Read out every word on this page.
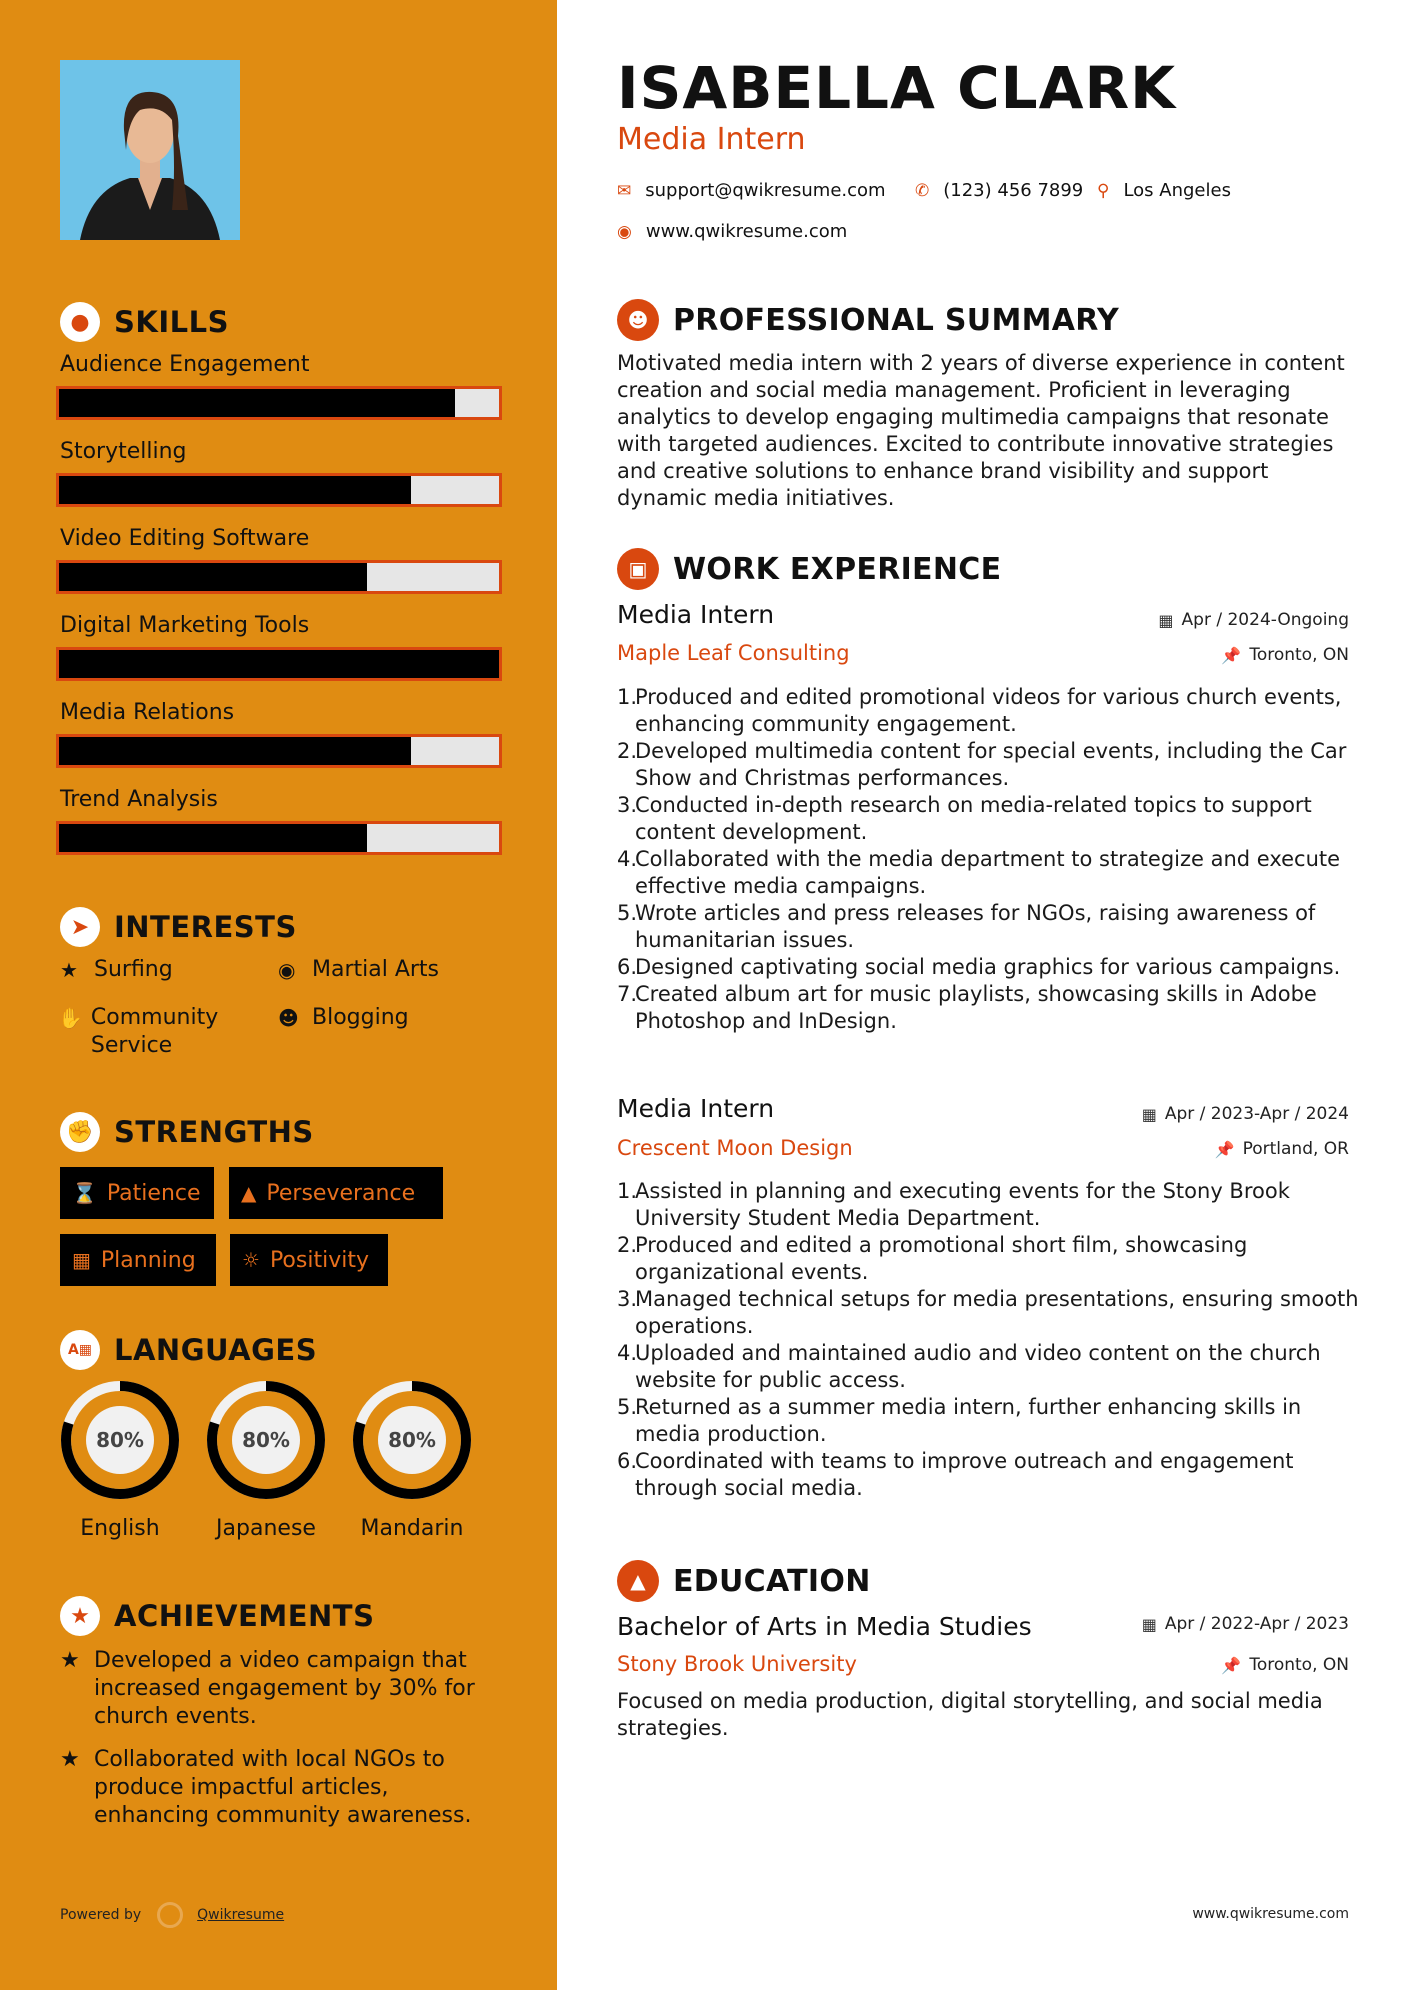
● SKILLS
Audience Engagement
Storytelling
Video Editing Software
Digital Marketing Tools
Media Relations
Trend Analysis
➤ INTERESTS
★ Surfing	◉ Martial Arts
✋ Community Service
☻ Blogging
✊ STRENGTHS
⌛ Patience ▲ Perseverance
▦ Planning ☼ Positivity
A▦ LANGUAGES
80%	80%	80%
English	Japanese	Mandarin
★ ACHIEVEMENTS
★ Developed a video campaign that increased engagement by 30% for church events.
★ Collaborated with local NGOs to produce impactful articles, enhancing community awareness.
Powered by	Qwikresume
ISABELLA CLARK
Media Intern
✉ support@qwikresume.com ✆ (123) 456 7899 ⚲ Los Angeles
◉ www.qwikresume.com
☻ PROFESSIONAL SUMMARY
Motivated media intern with 2 years of diverse experience in content creation and social media management. Proficient in leveraging analytics to develop engaging multimedia campaigns that resonate with targeted audiences. Excited to contribute innovative strategies and creative solutions to enhance brand visibility and support dynamic media initiatives.
▣ WORK EXPERIENCE
Media Intern	▦ Apr / 2024-Ongoing
Maple Leaf Consulting	📌 Toronto, ON
1.
Produced and edited promotional videos for various church events, enhancing community engagement.
2.
Developed multimedia content for special events, including the Car Show and Christmas performances.
3.
Conducted in-depth research on media-related topics to support content development.
4.
Collaborated with the media department to strategize and execute effective media campaigns.
5.
Wrote articles and press releases for NGOs, raising awareness of humanitarian issues.
6.
Designed captivating social media graphics for various campaigns.
7.
Created album art for music playlists, showcasing skills in Adobe Photoshop and InDesign.
Media Intern	▦ Apr / 2023-Apr / 2024
Crescent Moon Design	📌 Portland, OR
1.
Assisted in planning and executing events for the Stony Brook University Student Media Department.
2.
Produced and edited a promotional short film, showcasing organizational events.
3.
Managed technical setups for media presentations, ensuring smooth operations.
4.
Uploaded and maintained audio and video content on the church website for public access.
5.
Returned as a summer media intern, further enhancing skills in media production.
6.
Coordinated with teams to improve outreach and engagement through social media.
▲ EDUCATION
Bachelor of Arts in Media Studies	▦ Apr / 2022-Apr / 2023
Stony Brook University	📌 Toronto, ON
Focused on media production, digital storytelling, and social media strategies.
www.qwikresume.com
